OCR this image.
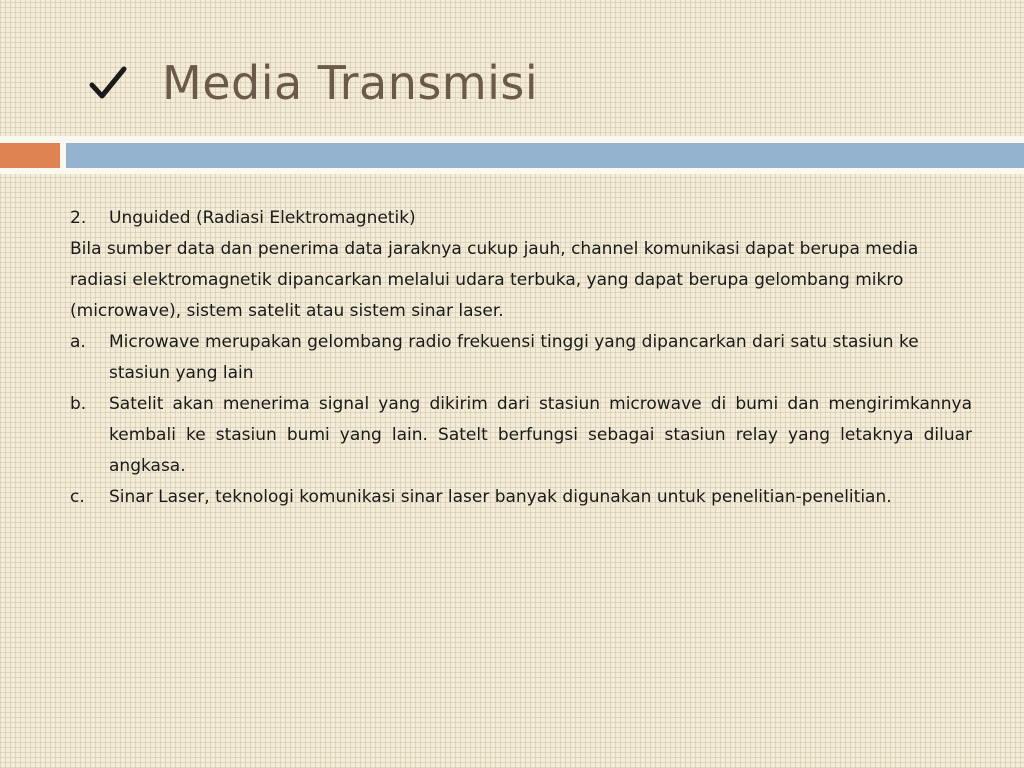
Media Transmisi
2.	Unguided (Radiasi Elektromagnetik)
Bila sumber data dan penerima data jaraknya cukup jauh, channel komunikasi dapat berupa media radiasi elektromagnetik dipancarkan melalui udara terbuka, yang dapat berupa gelombang mikro (microwave), sistem satelit atau sistem sinar laser.
a.	Microwave merupakan gelombang radio frekuensi tinggi yang dipancarkan dari satu stasiun ke stasiun yang lain
b.	Satelit akan menerima signal yang dikirim dari stasiun microwave di bumi dan mengirimkannya kembali ke stasiun bumi yang lain. Satelt berfungsi sebagai stasiun relay yang letaknya diluar angkasa.
c.	Sinar Laser, teknologi komunikasi sinar laser banyak digunakan untuk penelitian-penelitian.
